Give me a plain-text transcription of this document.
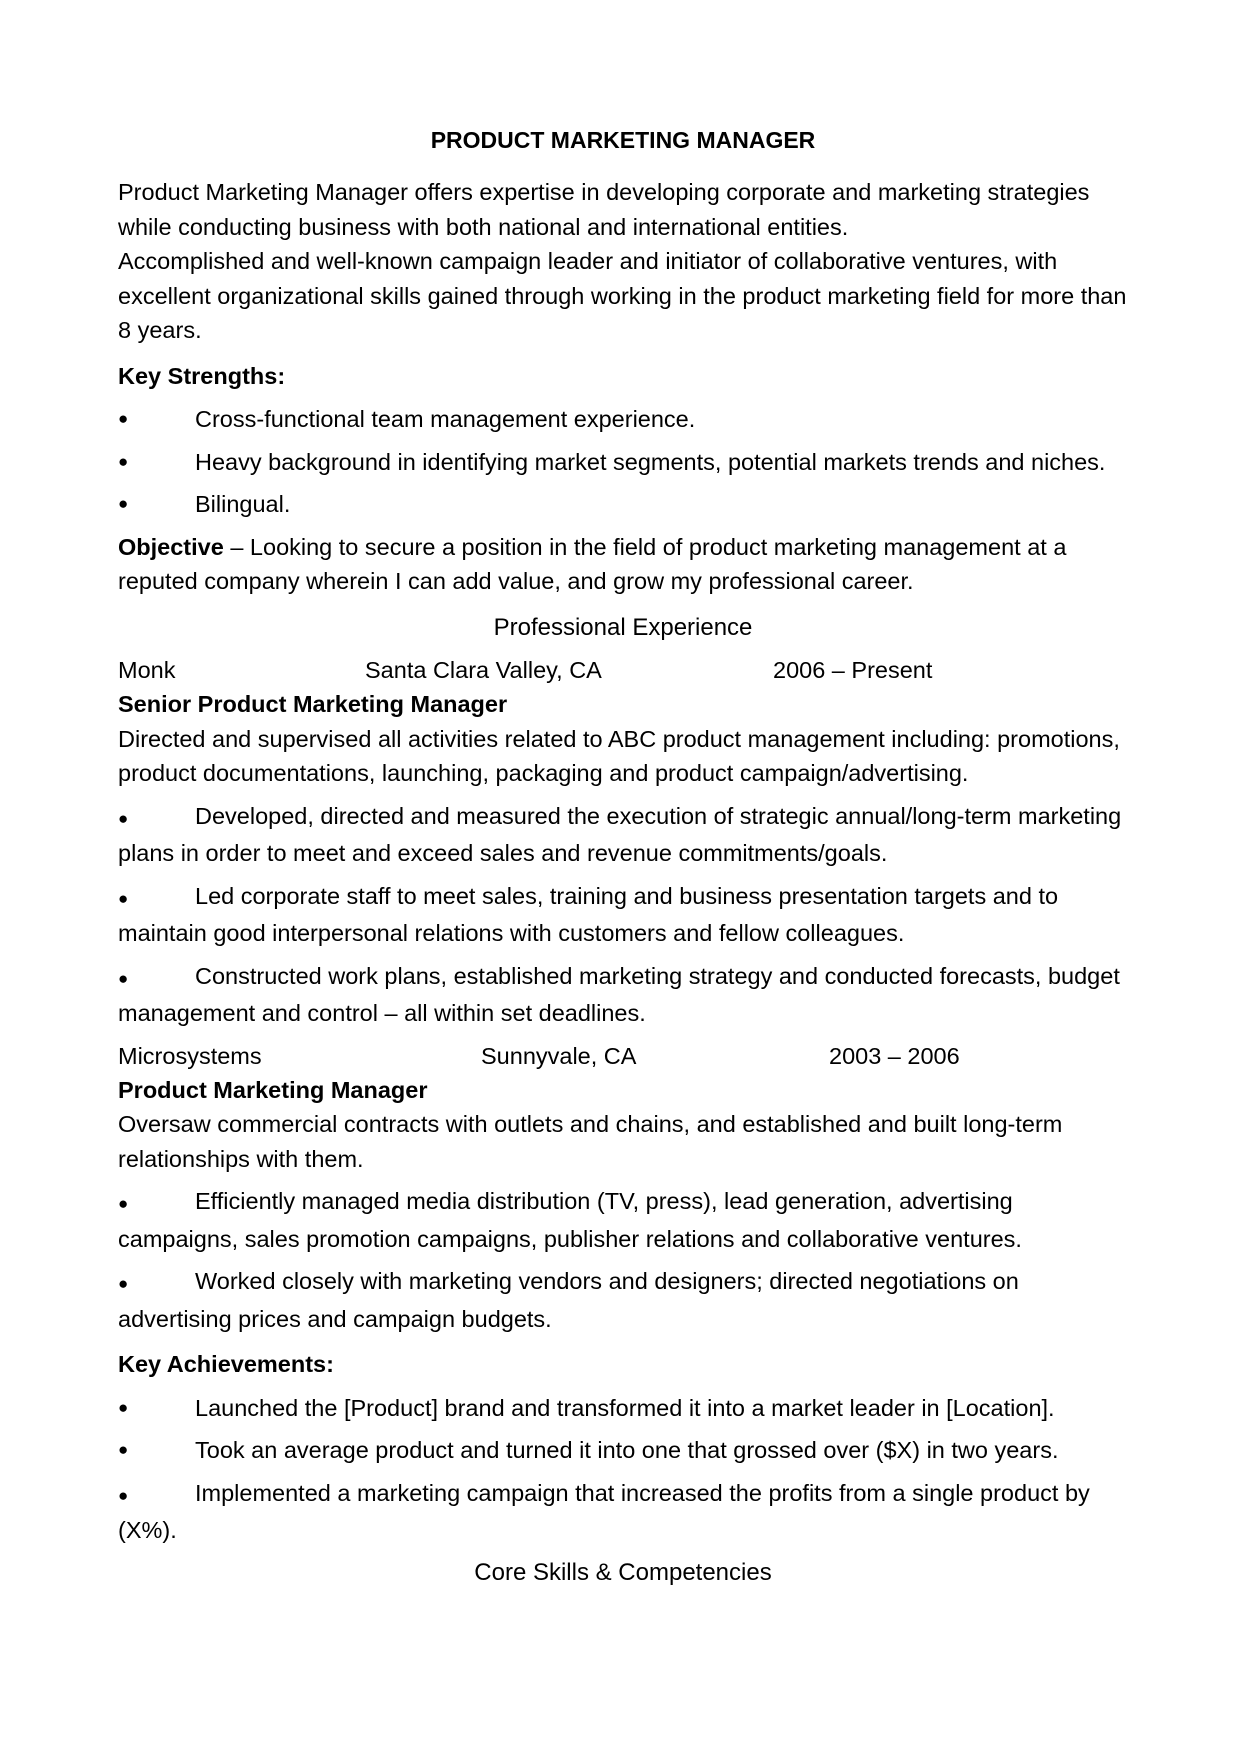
PRODUCT MARKETING MANAGER

Product Marketing Manager offers expertise in developing corporate and marketing strategies while conducting business with both national and international entities.

Accomplished and well-known campaign leader and initiator of collaborative ventures, with excellent organizational skills gained through working in the product marketing field for more than 8 years.

Key Strengths:
●	Cross-functional team management experience.
●	Heavy background in identifying market segments, potential markets trends and niches.
●	Bilingual.

Objective – Looking to secure a position in the field of product marketing management at a reputed company wherein I can add value, and grow my professional career.

Professional Experience
Monk	Santa Clara Valley, CA	2006 – Present

Senior Product Marketing Manager

Directed and supervised all activities related to ABC product management including: promotions, product documentations, launching, packaging and product campaign/advertising.

●	Developed, directed and measured the execution of strategic annual/long-term marketing plans in order to meet and exceed sales and revenue commitments/goals.
●	Led corporate staff to meet sales, training and business presentation targets and to maintain good interpersonal relations with customers and fellow colleagues.
●	Constructed work plans, established marketing strategy and conducted forecasts, budget management and control – all within set deadlines.
Microsystems	Sunnyvale, CA	2003 – 2006

Product Marketing Manager

Oversaw commercial contracts with outlets and chains, and established and built long-term relationships with them.

●	Efficiently managed media distribution (TV, press), lead generation, advertising campaigns, sales promotion campaigns, publisher relations and collaborative ventures.
●	Worked closely with marketing vendors and designers; directed negotiations on advertising prices and campaign budgets.
Key Achievements:
●	Launched the [Product] brand and transformed it into a market leader in [Location].
●	Took an average product and turned it into one that grossed over ($X) in two years.
●	Implemented a marketing campaign that increased the profits from a single product by (X%).
Core Skills & Competencies
